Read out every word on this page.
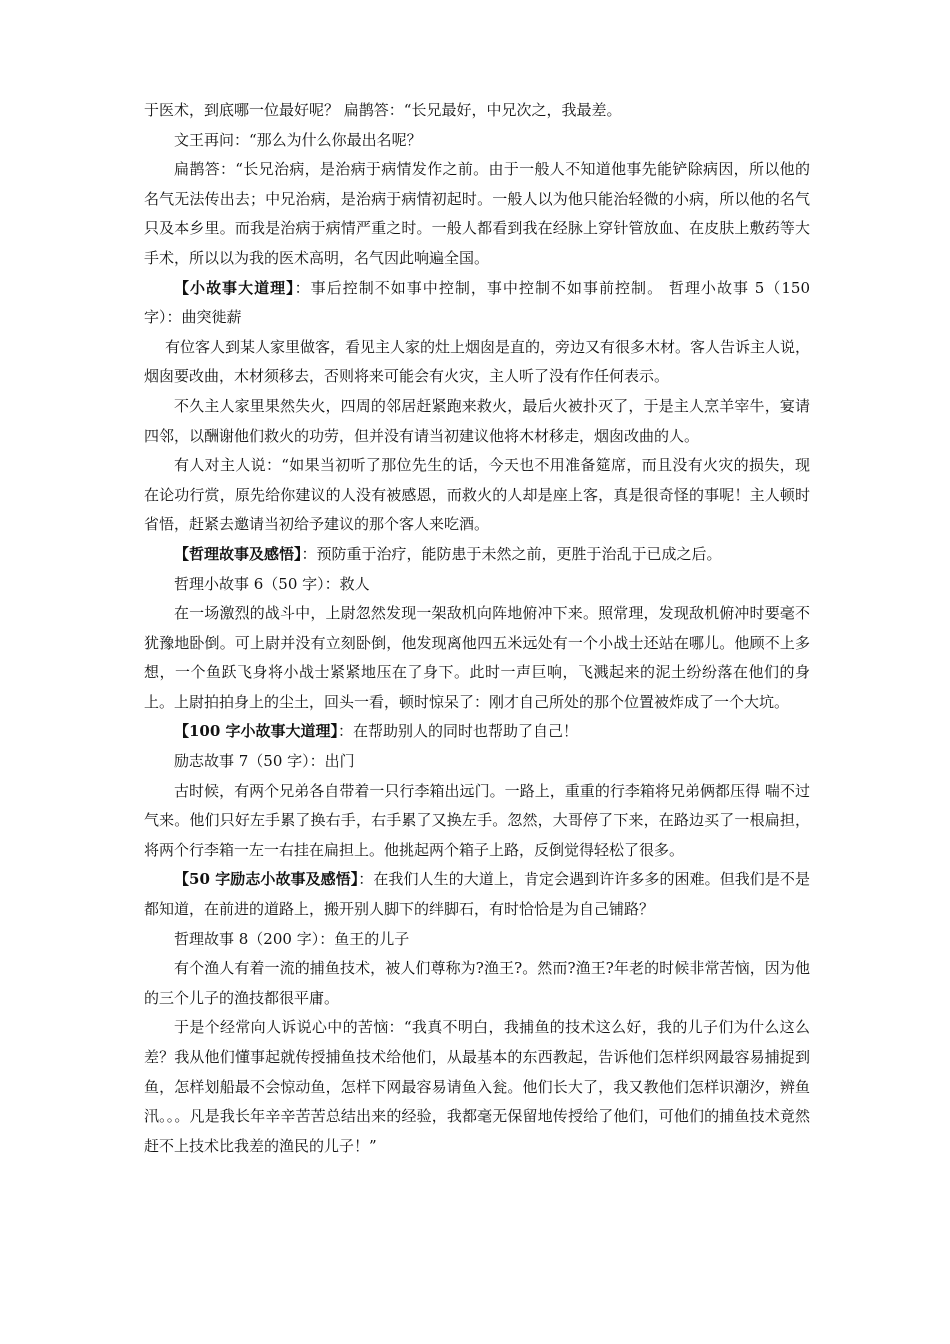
于医术，到底哪一位最好呢？ 扁鹊答：“长兄最好，中兄次之，我最差。

文王再问：“那么为什么你最出名呢？

扁鹊答：“长兄治病，是治病于病情发作之前。由于一般人不知道他事先能铲除病因，所以他的名气无法传出去；中兄治病，是治病于病情初起时。一般人以为他只能治轻微的小病，所以他的名气只及本乡里。而我是治病于病情严重之时。一般人都看到我在经脉上穿针管放血、在皮肤上敷药等大手术，所以以为我的医术高明，名气因此响遍全国。

【小故事大道理】：事后控制不如事中控制，事中控制不如事前控制。 哲理小故事 5（150 字）：曲突徙薪

有位客人到某人家里做客，看见主人家的灶上烟囱是直的，旁边又有很多木材。客人告诉主人说，烟囱要改曲，木材须移去，否则将来可能会有火灾，主人听了没有作任何表示。

不久主人家里果然失火，四周的邻居赶紧跑来救火，最后火被扑灭了，于是主人烹羊宰牛，宴请四邻，以酬谢他们救火的功劳，但并没有请当初建议他将木材移走，烟囱改曲的人。

有人对主人说：“如果当初听了那位先生的话，今天也不用准备筵席，而且没有火灾的损失，现在论功行赏，原先给你建议的人没有被感恩，而救火的人却是座上客，真是很奇怪的事呢！主人顿时省悟，赶紧去邀请当初给予建议的那个客人来吃酒。

【哲理故事及感悟】：预防重于治疗，能防患于未然之前，更胜于治乱于已成之后。

哲理小故事 6（50 字）：救人

在一场激烈的战斗中，上尉忽然发现一架敌机向阵地俯冲下来。照常理，发现敌机俯冲时要毫不犹豫地卧倒。可上尉并没有立刻卧倒，他发现离他四五米远处有一个小战士还站在哪儿。他顾不上多想，一个鱼跃飞身将小战士紧紧地压在了身下。此时一声巨响，飞溅起来的泥土纷纷落在他们的身上。上尉拍拍身上的尘土，回头一看，顿时惊呆了：刚才自己所处的那个位置被炸成了一个大坑。

【100 字小故事大道理】：在帮助别人的同时也帮助了自己！

励志故事 7（50 字）：出门

古时候，有两个兄弟各自带着一只行李箱出远门。一路上，重重的行李箱将兄弟俩都压得 喘不过气来。他们只好左手累了换右手，右手累了又换左手。忽然，大哥停了下来，在路边买了一根扁担，将两个行李箱一左一右挂在扁担上。他挑起两个箱子上路，反倒觉得轻松了很多。

【50 字励志小故事及感悟】：在我们人生的大道上，肯定会遇到许许多多的困难。但我们是不是都知道，在前进的道路上，搬开别人脚下的绊脚石，有时恰恰是为自己铺路？

哲理故事 8（200 字）：鱼王的儿子

有个渔人有着一流的捕鱼技术，被人们尊称为?渔王?。然而?渔王?年老的时候非常苦恼，因为他的三个儿子的渔技都很平庸。

于是个经常向人诉说心中的苦恼：“我真不明白，我捕鱼的技术这么好，我的儿子们为什么这么差？我从他们懂事起就传授捕鱼技术给他们，从最基本的东西教起，告诉他们怎样织网最容易捕捉到鱼，怎样划船最不会惊动鱼，怎样下网最容易请鱼入瓮。他们长大了，我又教他们怎样识潮汐，辨鱼汛。。。凡是我长年辛辛苦苦总结出来的经验，我都毫无保留地传授给了他们，可他们的捕鱼技术竟然赶不上技术比我差的渔民的儿子！”
